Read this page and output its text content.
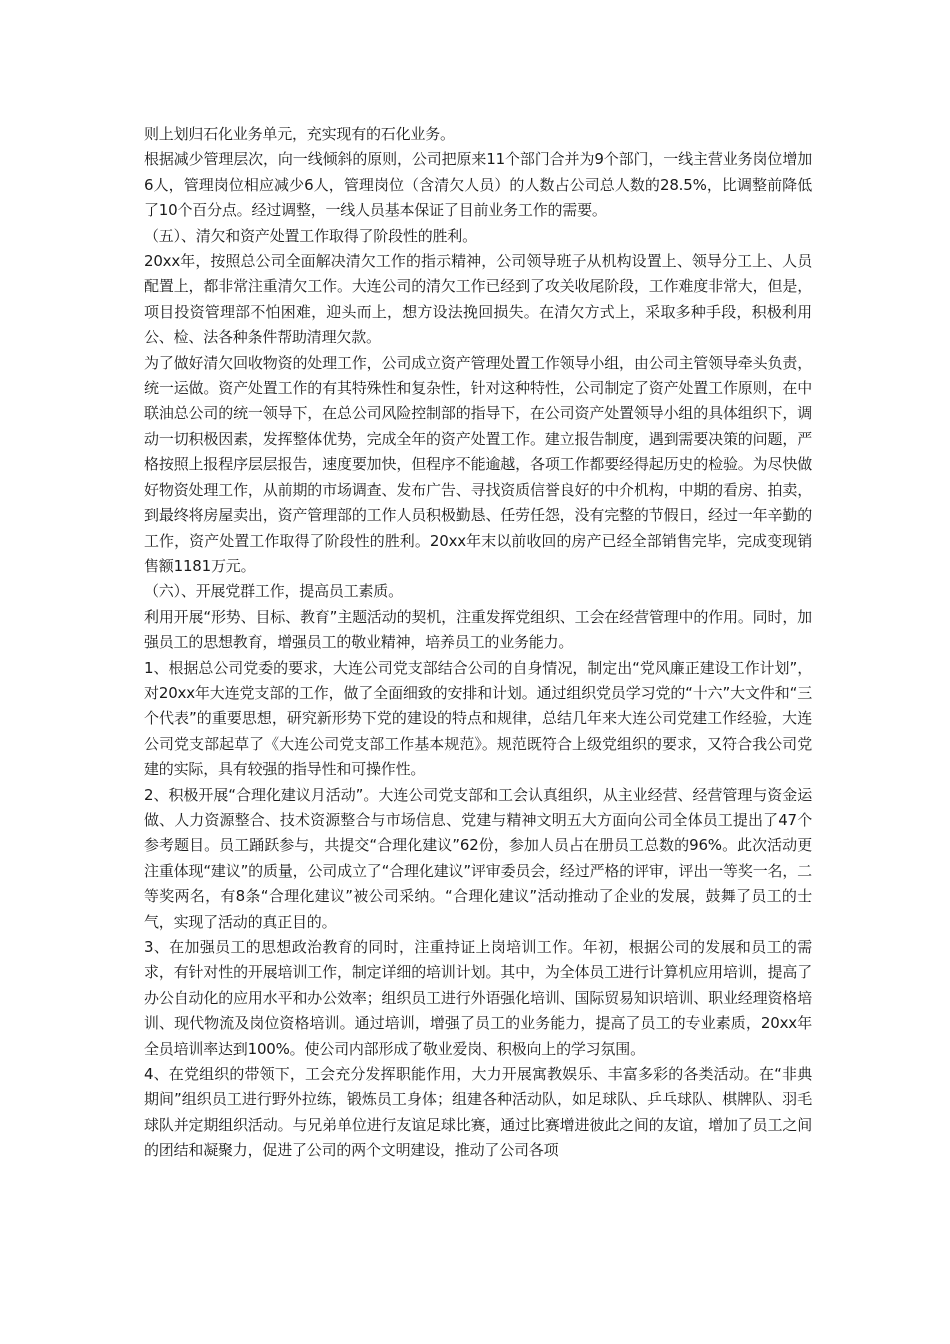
则上划归石化业务单元，充实现有的石化业务。

根据减少管理层次，向一线倾斜的原则，公司把原来11个部门合并为9个部门，一线主营业务岗位增加6人，管理岗位相应减少6人，管理岗位（含清欠人员）的人数占公司总人数的28.5%，比调整前降低了10个百分点。经过调整，一线人员基本保证了目前业务工作的需要。

（五）、清欠和资产处置工作取得了阶段性的胜利。

20xx年，按照总公司全面解决清欠工作的指示精神，公司领导班子从机构设置上、领导分工上、人员配置上，都非常注重清欠工作。大连公司的清欠工作已经到了攻关收尾阶段，工作难度非常大，但是，项目投资管理部不怕困难，迎头而上，想方设法挽回损失。在清欠方式上，采取多种手段，积极利用公、检、法各种条件帮助清理欠款。

为了做好清欠回收物资的处理工作，公司成立资产管理处置工作领导小组，由公司主管领导牵头负责，统一运做。资产处置工作的有其特殊性和复杂性，针对这种特性，公司制定了资产处置工作原则，在中联油总公司的统一领导下，在总公司风险控制部的指导下，在公司资产处置领导小组的具体组织下，调动一切积极因素，发挥整体优势，完成全年的资产处置工作。建立报告制度，遇到需要决策的问题，严格按照上报程序层层报告，速度要加快，但程序不能逾越，各项工作都要经得起历史的检验。为尽快做好物资处理工作，从前期的市场调查、发布广告、寻找资质信誉良好的中介机构，中期的看房、拍卖，到最终将房屋卖出，资产管理部的工作人员积极勤恳、任劳任怨，没有完整的节假日，经过一年辛勤的工作，资产处置工作取得了阶段性的胜利。20xx年末以前收回的房产已经全部销售完毕，完成变现销售额1181万元。

（六）、开展党群工作，提高员工素质。

利用开展“形势、目标、教育”主题活动的契机，注重发挥党组织、工会在经营管理中的作用。同时，加强员工的思想教育，增强员工的敬业精神，培养员工的业务能力。

1、根据总公司党委的要求，大连公司党支部结合公司的自身情况，制定出“党风廉正建设工作计划”，对20xx年大连党支部的工作，做了全面细致的安排和计划。通过组织党员学习党的“十六”大文件和“三个代表”的重要思想，研究新形势下党的建设的特点和规律，总结几年来大连公司党建工作经验，大连公司党支部起草了《大连公司党支部工作基本规范》。规范既符合上级党组织的要求，又符合我公司党建的实际，具有较强的指导性和可操作性。

2、积极开展“合理化建议月活动”。大连公司党支部和工会认真组织，从主业经营、经营管理与资金运做、人力资源整合、技术资源整合与市场信息、党建与精神文明五大方面向公司全体员工提出了47个参考题目。员工踊跃参与，共提交“合理化建议”62份，参加人员占在册员工总数的96%。此次活动更注重体现“建议”的质量，公司成立了“合理化建议”评审委员会，经过严格的评审，评出一等奖一名，二等奖两名，有8条“合理化建议”被公司采纳。“合理化建议”活动推动了企业的发展，鼓舞了员工的士气，实现了活动的真正目的。

3、在加强员工的思想政治教育的同时，注重持证上岗培训工作。年初，根据公司的发展和员工的需求，有针对性的开展培训工作，制定详细的培训计划。其中，为全体员工进行计算机应用培训，提高了办公自动化的应用水平和办公效率；组织员工进行外语强化培训、国际贸易知识培训、职业经理资格培训、现代物流及岗位资格培训。通过培训，增强了员工的业务能力，提高了员工的专业素质，20xx年全员培训率达到100%。使公司内部形成了敬业爱岗、积极向上的学习氛围。

4、在党组织的带领下，工会充分发挥职能作用，大力开展寓教娱乐、丰富多彩的各类活动。在“非典期间”组织员工进行野外拉练，锻炼员工身体；组建各种活动队，如足球队、乒乓球队、棋牌队、羽毛球队并定期组织活动。与兄弟单位进行友谊足球比赛，通过比赛增进彼此之间的友谊，增加了员工之间的团结和凝聚力，促进了公司的两个文明建设，推动了公司各项
